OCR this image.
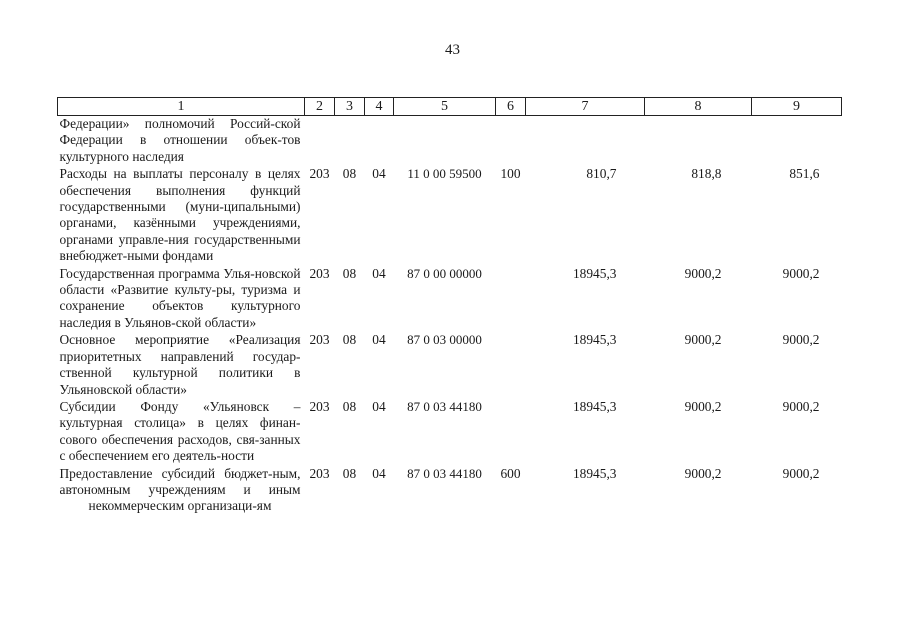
43
1	2	3	4	5	6	7	8	9
Федерации» полномочий Россий-ской Федерации в отношении объек-тов культурного наследия								
Расходы на выплаты персоналу в целях обеспечения выполнения функций государственными (муни-ципальными) органами, казёнными учреждениями, органами управле-ния государственными внебюджет-ными фондами	203	08	04	11 0 00 59500	100	810,7	818,8	851,6
Государственная программа Улья-новской области «Развитие культу-ры, туризма и сохранение объектов культурного наследия в Ульянов-ской области»	203	08	04	87 0 00 00000		18945,3	9000,2	9000,2
Основное мероприятие «Реализация приоритетных направлений государ-ственной культурной политики в Ульяновской области»	203	08	04	87 0 03 00000		18945,3	9000,2	9000,2
Субсидии Фонду «Ульяновск – культурная столица» в целях финан-сового обеспечения расходов, свя-занных с обеспечением его деятель-ности	203	08	04	87 0 03 44180		18945,3	9000,2	9000,2
Предоставление субсидий бюджет-ным, автономным учреждениям и иным некоммерческим организаци-ям	203	08	04	87 0 03 44180	600	18945,3	9000,2	9000,2
